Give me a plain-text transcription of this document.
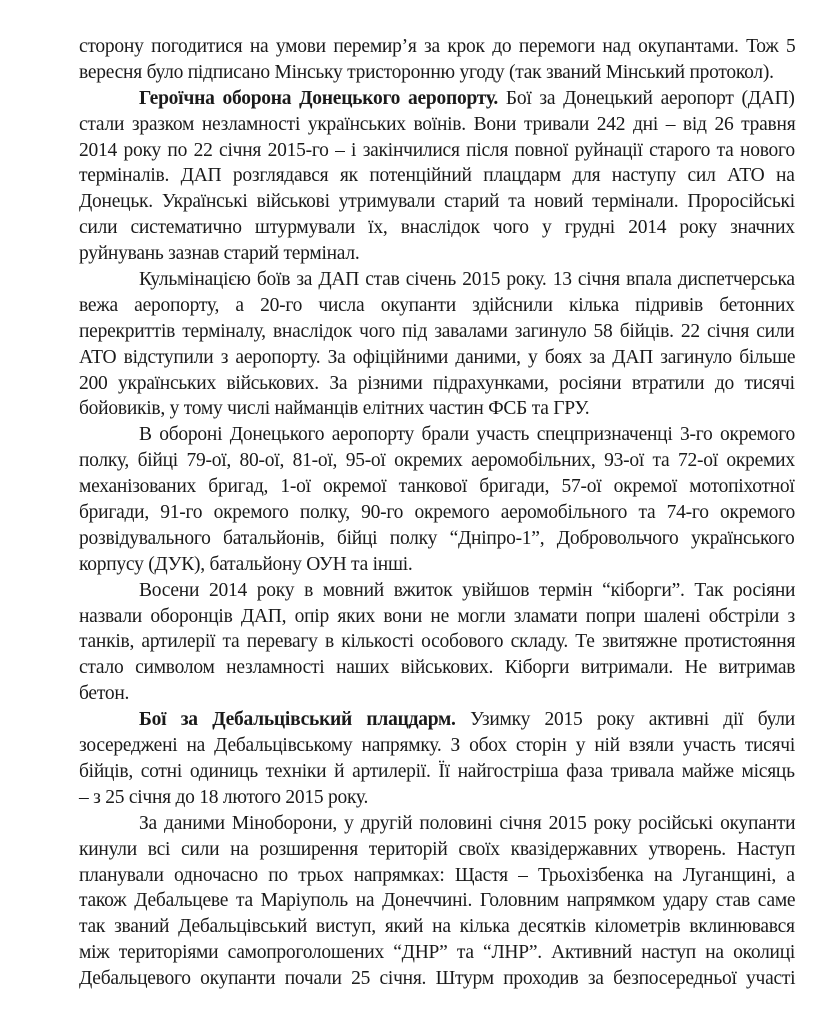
сторону погодитися на умови перемир’я за крок до перемоги над окупантами. Тож 5
вересня було підписано Мінську тристоронню угоду (так званий Мінський протокол).
Героїчна оборона Донецького аеропорту. Бої за Донецький аеропорт (ДАП)
стали зразком незламності українських воїнів. Вони тривали 242 дні – від 26 травня
2014 року по 22 січня 2015-го – і закінчилися після повної руйнації старого та нового
терміналів. ДАП розглядався як потенційний плацдарм для наступу сил АТО на
Донецьк. Українські військові утримували старий та новий термінали. Проросійські
сили систематично штурмували їх, внаслідок чого у грудні 2014 року значних
руйнувань зазнав старий термінал.
Кульмінацією боїв за ДАП став січень 2015 року. 13 січня впала диспетчерська
вежа аеропорту, а 20-го числа окупанти здійснили кілька підривів бетонних
перекриттів терміналу, внаслідок чого під завалами загинуло 58 бійців. 22 січня сили
АТО відступили з аеропорту. За офіційними даними, у боях за ДАП загинуло більше
200 українських військових. За різними підрахунками, росіяни втратили до тисячі
бойовиків, у тому числі найманців елітних частин ФСБ та ГРУ.
В обороні Донецького аеропорту брали участь спецпризначенці 3-го окремого
полку, бійці 79-ої, 80-ої, 81-ої, 95-ої окремих аеромобільних, 93-ої та 72-ої окремих
механізованих бригад, 1-ої окремої танкової бригади, 57-ої окремої мотопіхотної
бригади, 91-го окремого полку, 90-го окремого аеромобільного та 74-го окремого
розвідувального батальйонів, бійці полку “Дніпро-1”, Добровольчого українського
корпусу (ДУК), батальйону ОУН та інші.
Восени 2014 року в мовний вжиток увійшов термін “кіборги”. Так росіяни
назвали оборонців ДАП, опір яких вони не могли зламати попри шалені обстріли з
танків, артилерії та перевагу в кількості особового складу. Те звитяжне протистояння
стало символом незламності наших військових. Кіборги витримали. Не витримав
бетон.
Бої за Дебальцівський плацдарм. Узимку 2015 року активні дії були
зосереджені на Дебальцівському напрямку. З обох сторін у ній взяли участь тисячі
бійців, сотні одиниць техніки й артилерії. Її найгостріша фаза тривала майже місяць
– з 25 січня до 18 лютого 2015 року.
За даними Міноборони, у другій половині січня 2015 року російські окупанти
кинули всі сили на розширення територій своїх квазідержавних утворень. Наступ
планували одночасно по трьох напрямках: Щастя – Трьохізбенка на Луганщині, а
також Дебальцеве та Маріуполь на Донеччині. Головним напрямком удару став саме
так званий Дебальцівський виступ, який на кілька десятків кілометрів вклинювався
між територіями самопроголошених “ДНР” та “ЛНР”. Активний наступ на околиці
Дебальцевого окупанти почали 25 січня. Штурм проходив за безпосередньої участі
